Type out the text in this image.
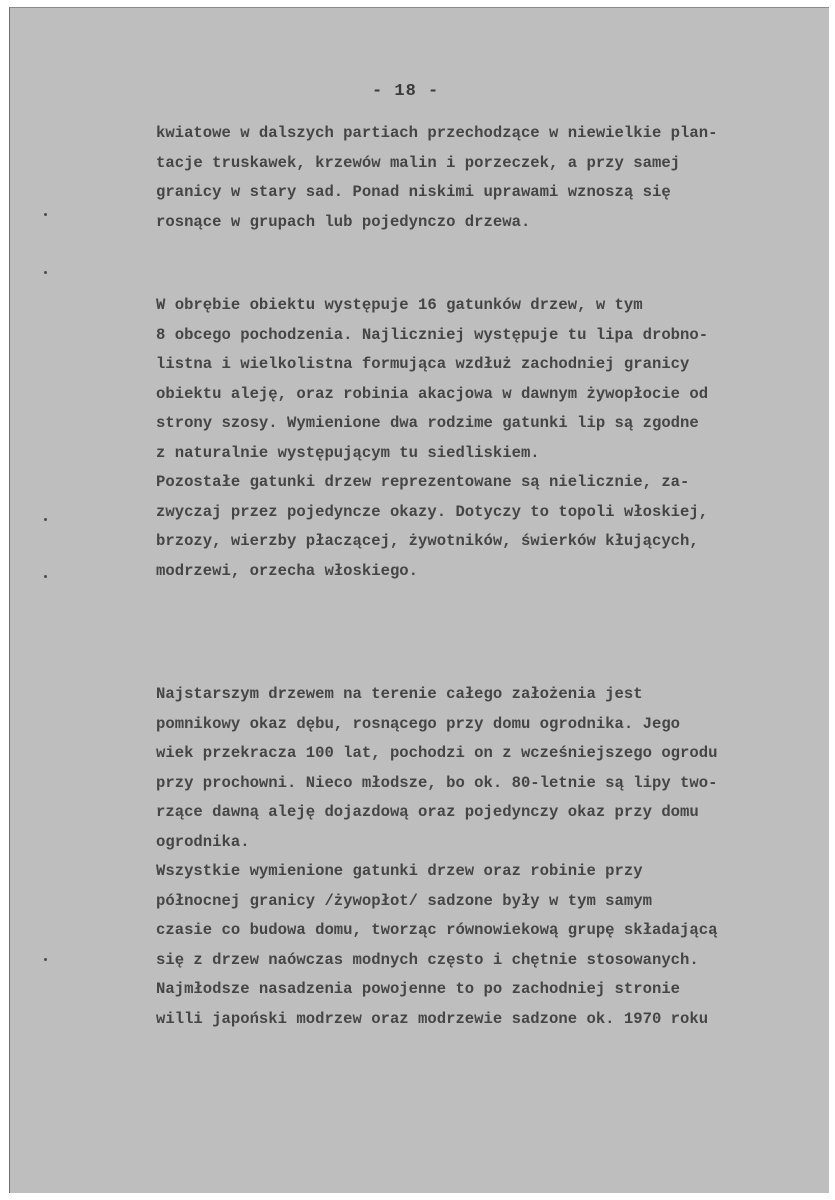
- 18 -
kwiatowe w dalszych partiach przechodzące w niewielkie plan-
tacje truskawek, krzewów malin i porzeczek, a przy samej
granicy w stary sad. Ponad niskimi uprawami wznoszą się
rosnące w grupach lub pojedynczo drzewa.
W obrębie obiektu występuje 16 gatunków drzew, w tym
8 obcego pochodzenia. Najliczniej występuje tu lipa drobno-
listna i wielkolistna formująca wzdłuż zachodniej granicy
obiektu aleję, oraz robinia akacjowa w dawnym żywopłocie od
strony szosy. Wymienione dwa rodzime gatunki lip są zgodne
z naturalnie występującym tu siedliskiem.
Pozostałe gatunki drzew reprezentowane są nielicznie, za-
zwyczaj przez pojedyncze okazy. Dotyczy to topoli włoskiej,
brzozy, wierzby płaczącej, żywotników, świerków kłujących,
modrzewi, orzecha włoskiego.
Najstarszym drzewem na terenie całego założenia jest
pomnikowy okaz dębu, rosnącego przy domu ogrodnika. Jego
wiek przekracza 100 lat, pochodzi on z wcześniejszego ogrodu
przy prochowni. Nieco młodsze, bo ok. 80-letnie są lipy two-
rzące dawną aleję dojazdową oraz pojedynczy okaz przy domu
ogrodnika.
Wszystkie wymienione gatunki drzew oraz robinie przy
północnej granicy /żywopłot/ sadzone były w tym samym
czasie co budowa domu, tworząc równowiekową grupę składającą
się z drzew naówczas modnych często i chętnie stosowanych.
Najmłodsze nasadzenia powojenne to po zachodniej stronie
willi japoński modrzew oraz modrzewie sadzone ok. 1970 roku
